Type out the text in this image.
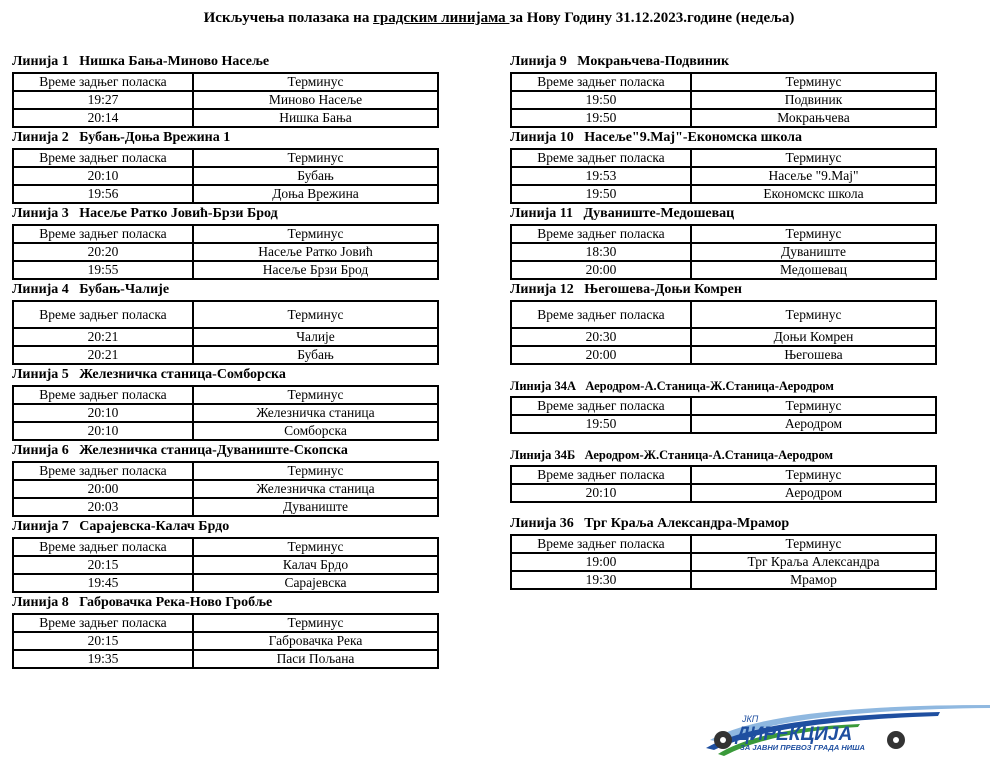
Искључења полазака на градским линијама за Нову Годину 31.12.2023.године (недеља)
Линија 1 Нишка Бања-Миново Насеље
Време задњег поласка	Терминус
19:27	Миново Насеље
20:14	Нишка Бања
Линија 2 Бубањ-Доња Врежина 1
Време задњег поласка	Терминус
20:10	Бубањ
19:56	Доња Врежина
Линија 3 Насеље Ратко Јовић-Брзи Брод
Време задњег поласка	Терминус
20:20	Насеље Ратко Јовић
19:55	Насеље Брзи Брод
Линија 4 Бубањ-Чалије
Време задњег поласка	Терминус
20:21	Чалије
20:21	Бубањ
Линија 5 Железничка станица-Сомборска
Време задњег поласка	Терминус
20:10	Железничка станица
20:10	Сомборска
Линија 6 Железничка станица-Дуваниште-Скопска
Време задњег поласка	Терминус
20:00	Железничка станица
20:03	Дуваниште
Линија 7 Сарајевска-Калач Брдо
Време задњег поласка	Терминус
20:15	Калач Брдо
19:45	Сарајевска
Линија 8 Габровачка Река-Ново Гробље
Време задњег поласка	Терминус
20:15	Габровачка Река
19:35	Паси Пољана
Линија 9 Мокрањчева-Подвиник
Време задњег поласка	Терминус
19:50	Подвиник
19:50	Мокрањчева
Линија 10 Насеље"9.Мај"-Економска школа
Време задњег поласка	Терминус
19:53	Насеље "9.Мај"
19:50	Економскс школа
Линија 11 Дуваниште-Медошевац
Време задњег поласка	Терминус
18:30	Дуваниште
20:00	Медошевац
Линија 12 Његошева-Доњи Комрен
Време задњег поласка	Терминус
20:30	Доњи Комрен
20:00	Његошева
Линија 34А Аеродром-А.Станица-Ж.Станица-Аеродром
Време задњег поласка	Терминус
19:50	Аеродром
Линија 34Б Аеродром-Ж.Станица-А.Станица-Аеродром
Време задњег поласка	Терминус
20:10	Аеродром
Линија 36 Трг Краља Александра-Мрамор
Време задњег поласка	Терминус
19:00	Трг Краља Александра
19:30	Мрамор
ЈКП
ДИРЕКЦИЈА
ЗА ЈАВНИ ПРЕВОЗ ГРАДА НИША
